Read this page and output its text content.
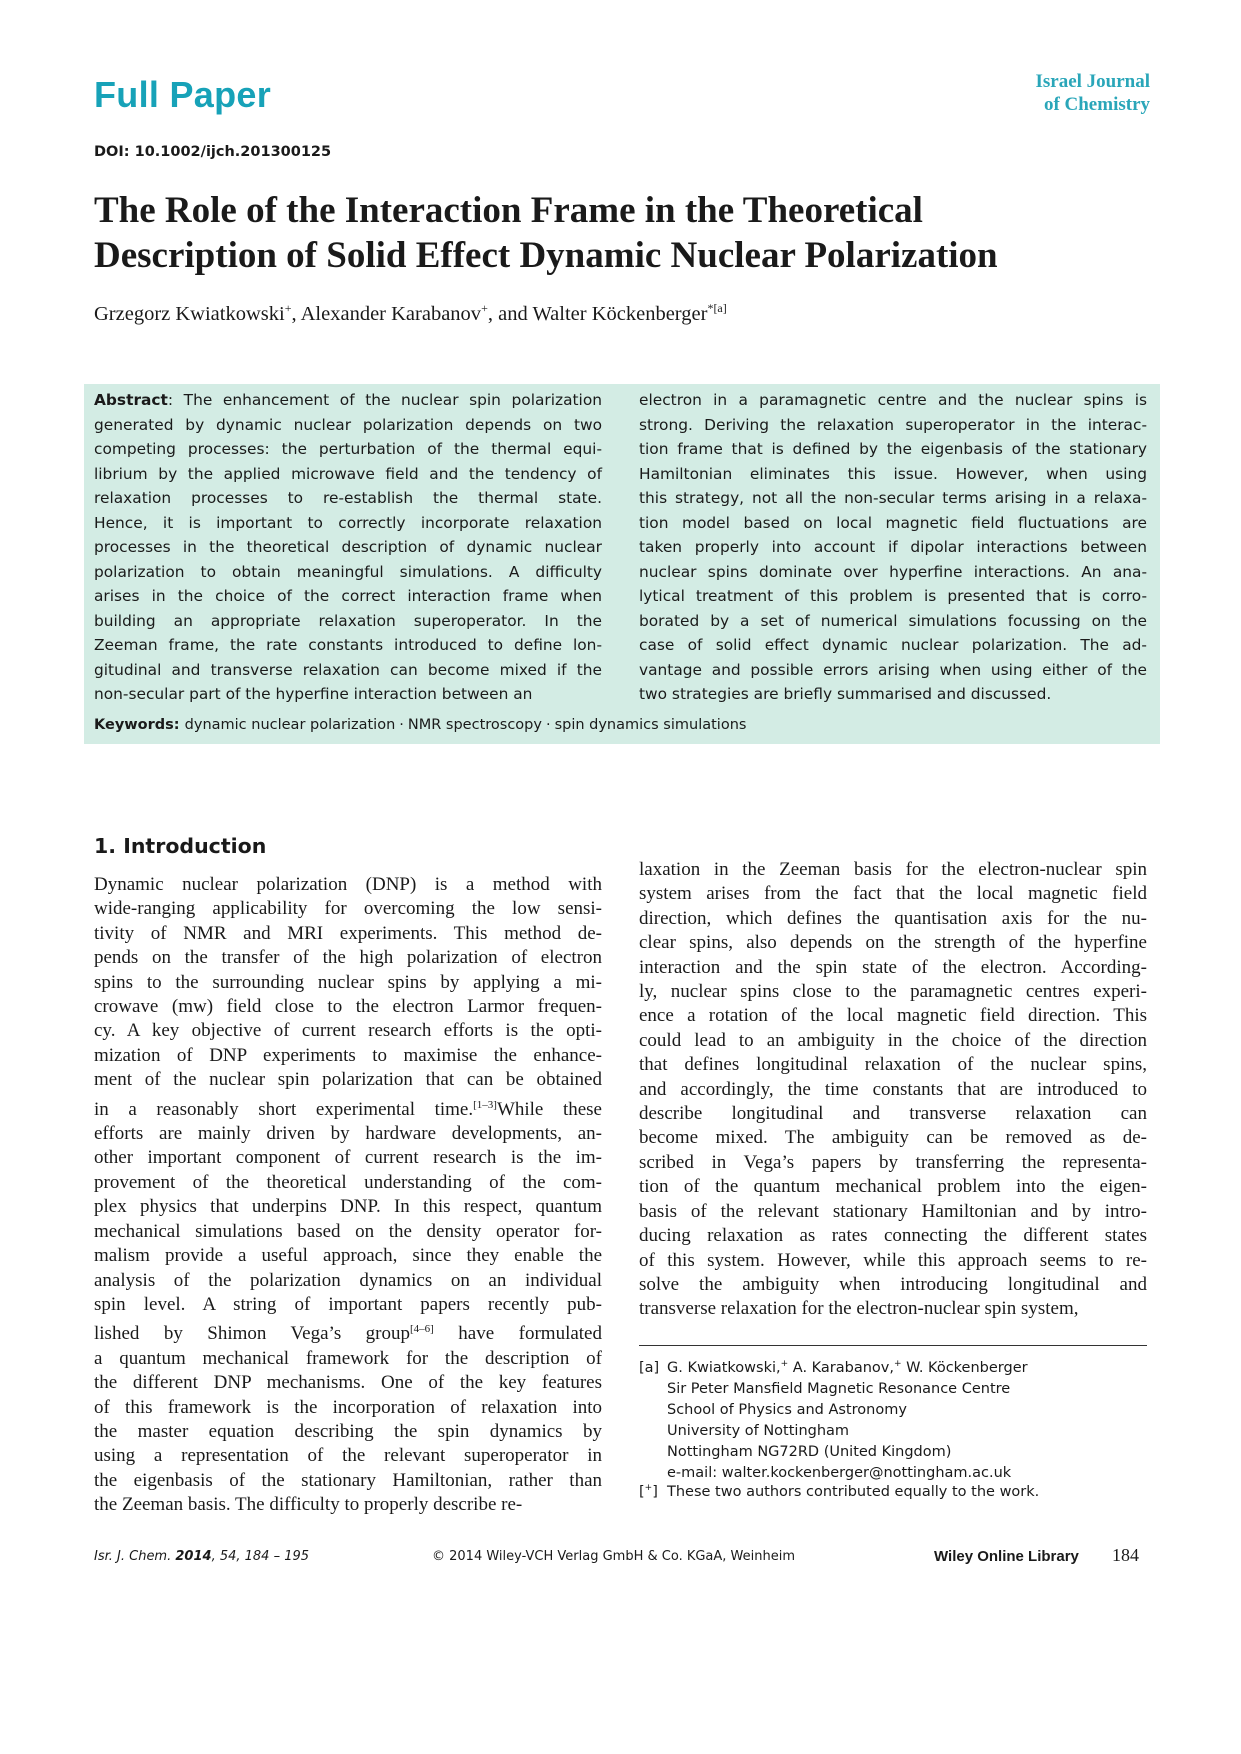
Full Paper	Israel Journal
of Chemistry
DOI: 10.1002/ijch.201300125
The Role of the Interaction Frame in the Theoretical
Description of Solid Effect Dynamic Nuclear Polarization
Grzegorz Kwiatkowski+, Alexander Karabanov+, and Walter Köckenberger$^{*[a]}$
Abstract: The enhancement of the nuclear spin polarization
generated by dynamic nuclear polarization depends on two
competing processes: the perturbation of the thermal equi-
librium by the applied microwave field and the tendency of
relaxation processes to re-establish the thermal state.
Hence, it is important to correctly incorporate relaxation
processes in the theoretical description of dynamic nuclear
polarization to obtain meaningful simulations. A difficulty
arises in the choice of the correct interaction frame when
building an appropriate relaxation superoperator. In the
Zeeman frame, the rate constants introduced to define lon-
gitudinal and transverse relaxation can become mixed if the
non-secular part of the hyperfine interaction between an
electron in a paramagnetic centre and the nuclear spins is
strong. Deriving the relaxation superoperator in the interac-
tion frame that is defined by the eigenbasis of the stationary
Hamiltonian eliminates this issue. However, when using
this strategy, not all the non-secular terms arising in a relaxa-
tion model based on local magnetic field fluctuations are
taken properly into account if dipolar interactions between
nuclear spins dominate over hyperfine interactions. An ana-
lytical treatment of this problem is presented that is corro-
borated by a set of numerical simulations focussing on the
case of solid effect dynamic nuclear polarization. The ad-
vantage and possible errors arising when using either of the
two strategies are briefly summarised and discussed.
Keywords: dynamic nuclear polarization · NMR spectroscopy · spin dynamics simulations
1. Introduction
Dynamic nuclear polarization (DNP) is a method with
wide-ranging applicability for overcoming the low sensi-
tivity of NMR and MRI experiments. This method de-
pends on the transfer of the high polarization of electron
spins to the surrounding nuclear spins by applying a mi-
crowave (mw) field close to the electron Larmor frequen-
cy. A key objective of current research efforts is the opti-
mization of DNP experiments to maximise the enhance-
ment of the nuclear spin polarization that can be obtained
in a reasonably short experimental time.[1–3]While these
efforts are mainly driven by hardware developments, an-
other important component of current research is the im-
provement of the theoretical understanding of the com-
plex physics that underpins DNP. In this respect, quantum
mechanical simulations based on the density operator for-
malism provide a useful approach, since they enable the
analysis of the polarization dynamics on an individual
spin level. A string of important papers recently pub-
lished by Shimon Vega’s group[4–6] have formulated
a quantum mechanical framework for the description of
the different DNP mechanisms. One of the key features
of this framework is the incorporation of relaxation into
the master equation describing the spin dynamics by
using a representation of the relevant superoperator in
the eigenbasis of the stationary Hamiltonian, rather than
the Zeeman basis. The difficulty to properly describe re-
laxation in the Zeeman basis for the electron-nuclear spin
system arises from the fact that the local magnetic field
direction, which defines the quantisation axis for the nu-
clear spins, also depends on the strength of the hyperfine
interaction and the spin state of the electron. According-
ly, nuclear spins close to the paramagnetic centres experi-
ence a rotation of the local magnetic field direction. This
could lead to an ambiguity in the choice of the direction
that defines longitudinal relaxation of the nuclear spins,
and accordingly, the time constants that are introduced to
describe longitudinal and transverse relaxation can
become mixed. The ambiguity can be removed as de-
scribed in Vega’s papers by transferring the representa-
tion of the quantum mechanical problem into the eigen-
basis of the relevant stationary Hamiltonian and by intro-
ducing relaxation as rates connecting the different states
of this system. However, while this approach seems to re-
solve the ambiguity when introducing longitudinal and
transverse relaxation for the electron-nuclear spin system,
[a] G. Kwiatkowski,+ A. Karabanov,+ W. Köckenberger
Sir Peter Mansfield Magnetic Resonance Centre
School of Physics and Astronomy
University of Nottingham
Nottingham NG72RD (United Kingdom)
e-mail: walter.kockenberger@nottingham.ac.uk
[+] These two authors contributed equally to the work.
Isr. J. Chem. 2014, 54, 184 – 195	© 2014 Wiley-VCH Verlag GmbH & Co. KGaA, Weinheim	Wiley Online Library 184
